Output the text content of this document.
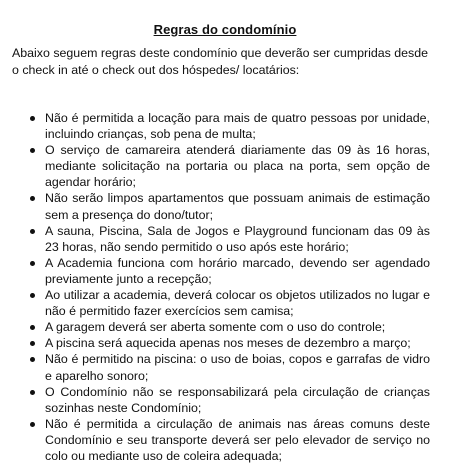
Regras do condomínio
Abaixo seguem regras deste condomínio que deverão ser cumpridas desde o check in até o check out dos hóspedes/ locatários:
Não é permitida a locação para mais de quatro pessoas por unidade, incluindo crianças, sob pena de multa;
O serviço de camareira atenderá diariamente das 09 às 16 horas, mediante solicitação na portaria ou placa na porta, sem opção de agendar horário;
Não serão limpos apartamentos que possuam animais de estimação sem a presença do dono/tutor;
A sauna, Piscina, Sala de Jogos e Playground funcionam das 09 às 23 horas, não sendo permitido o uso após este horário;
A Academia funciona com horário marcado, devendo ser agendado previamente junto a recepção;
Ao utilizar a academia, deverá colocar os objetos utilizados no lugar e não é permitido fazer exercícios sem camisa;
A garagem deverá ser aberta somente com o uso do controle;
A piscina será aquecida apenas nos meses de dezembro a março;
Não é permitido na piscina: o uso de boias, copos e garrafas de vidro e aparelho sonoro;
O Condomínio não se responsabilizará pela circulação de crianças sozinhas neste Condomínio;
Não é permitida a circulação de animais nas áreas comuns deste Condomínio e seu transporte deverá ser pelo elevador de serviço no colo ou mediante uso de coleira adequada;
